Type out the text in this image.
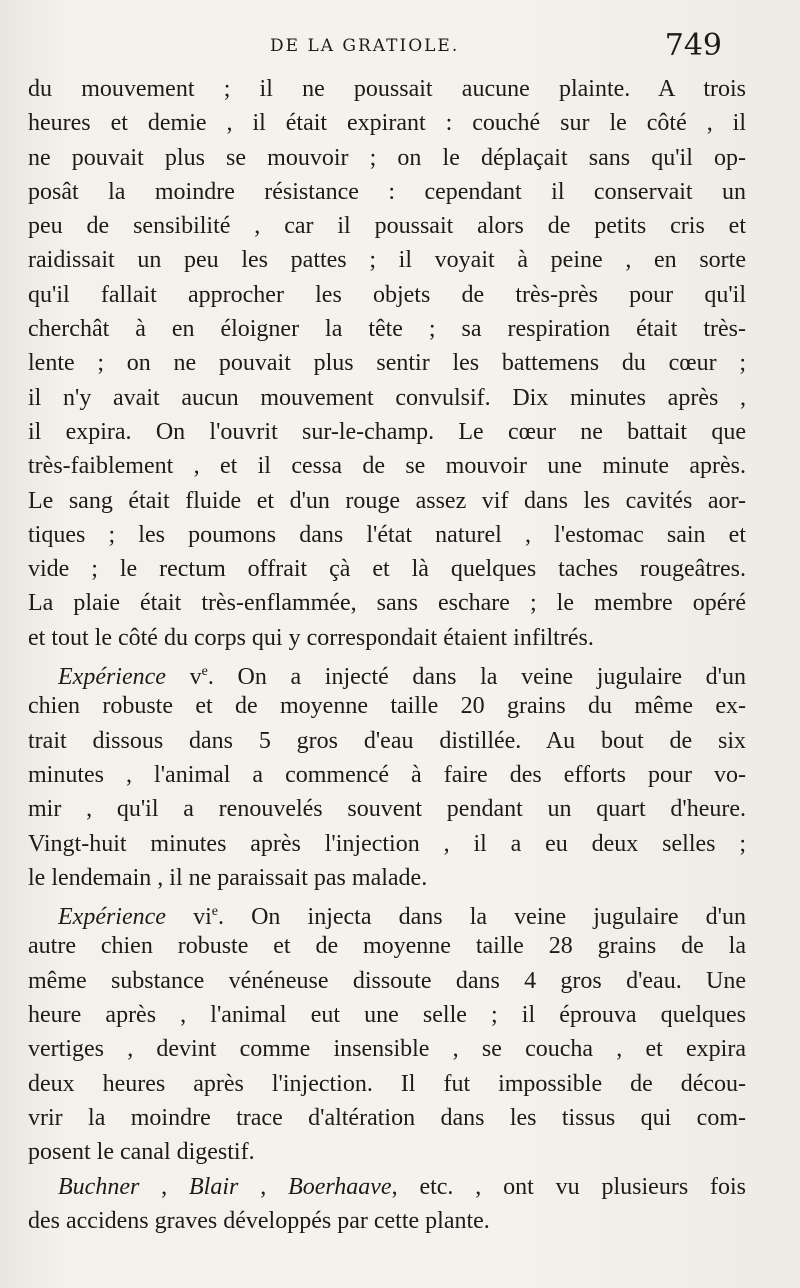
DE LA GRATIOLE.	749
du mouvement ; il ne poussait aucune plainte. A trois
heures et demie , il était expirant : couché sur le côté , il
ne pouvait plus se mouvoir ; on le déplaçait sans qu'il op-
posât la moindre résistance : cependant il conservait un
peu de sensibilité , car il poussait alors de petits cris et
raidissait un peu les pattes ; il voyait à peine , en sorte
qu'il fallait approcher les objets de très-près pour qu'il
cherchât à en éloigner la tête ; sa respiration était très-
lente ; on ne pouvait plus sentir les battemens du cœur ;
il n'y avait aucun mouvement convulsif. Dix minutes après ,
il expira. On l'ouvrit sur-le-champ. Le cœur ne battait que
très-faiblement , et il cessa de se mouvoir une minute après.
Le sang était fluide et d'un rouge assez vif dans les cavités aor-
tiques ; les poumons dans l'état naturel , l'estomac sain et
vide ; le rectum offrait çà et là quelques taches rougeâtres.
La plaie était très-enflammée, sans eschare ; le membre opéré
et tout le côté du corps qui y correspondait étaient infiltrés.
Expérience $v^e$. On a injecté dans la veine jugulaire d'un
chien robuste et de moyenne taille 20 grains du même ex-
trait dissous dans 5 gros d'eau distillée. Au bout de six
minutes , l'animal a commencé à faire des efforts pour vo-
mir , qu'il a renouvelés souvent pendant un quart d'heure.
Vingt-huit minutes après l'injection , il a eu deux selles ;
le lendemain , il ne paraissait pas malade.
Expérience $vi^e$. On injecta dans la veine jugulaire d'un
autre chien robuste et de moyenne taille 28 grains de la
même substance vénéneuse dissoute dans 4 gros d'eau. Une
heure après , l'animal eut une selle ; il éprouva quelques
vertiges , devint comme insensible , se coucha , et expira
deux heures après l'injection. Il fut impossible de décou-
vrir la moindre trace d'altération dans les tissus qui com-
posent le canal digestif.
Buchner , Blair , Boerhaave, etc. , ont vu plusieurs fois
des accidens graves développés par cette plante.
